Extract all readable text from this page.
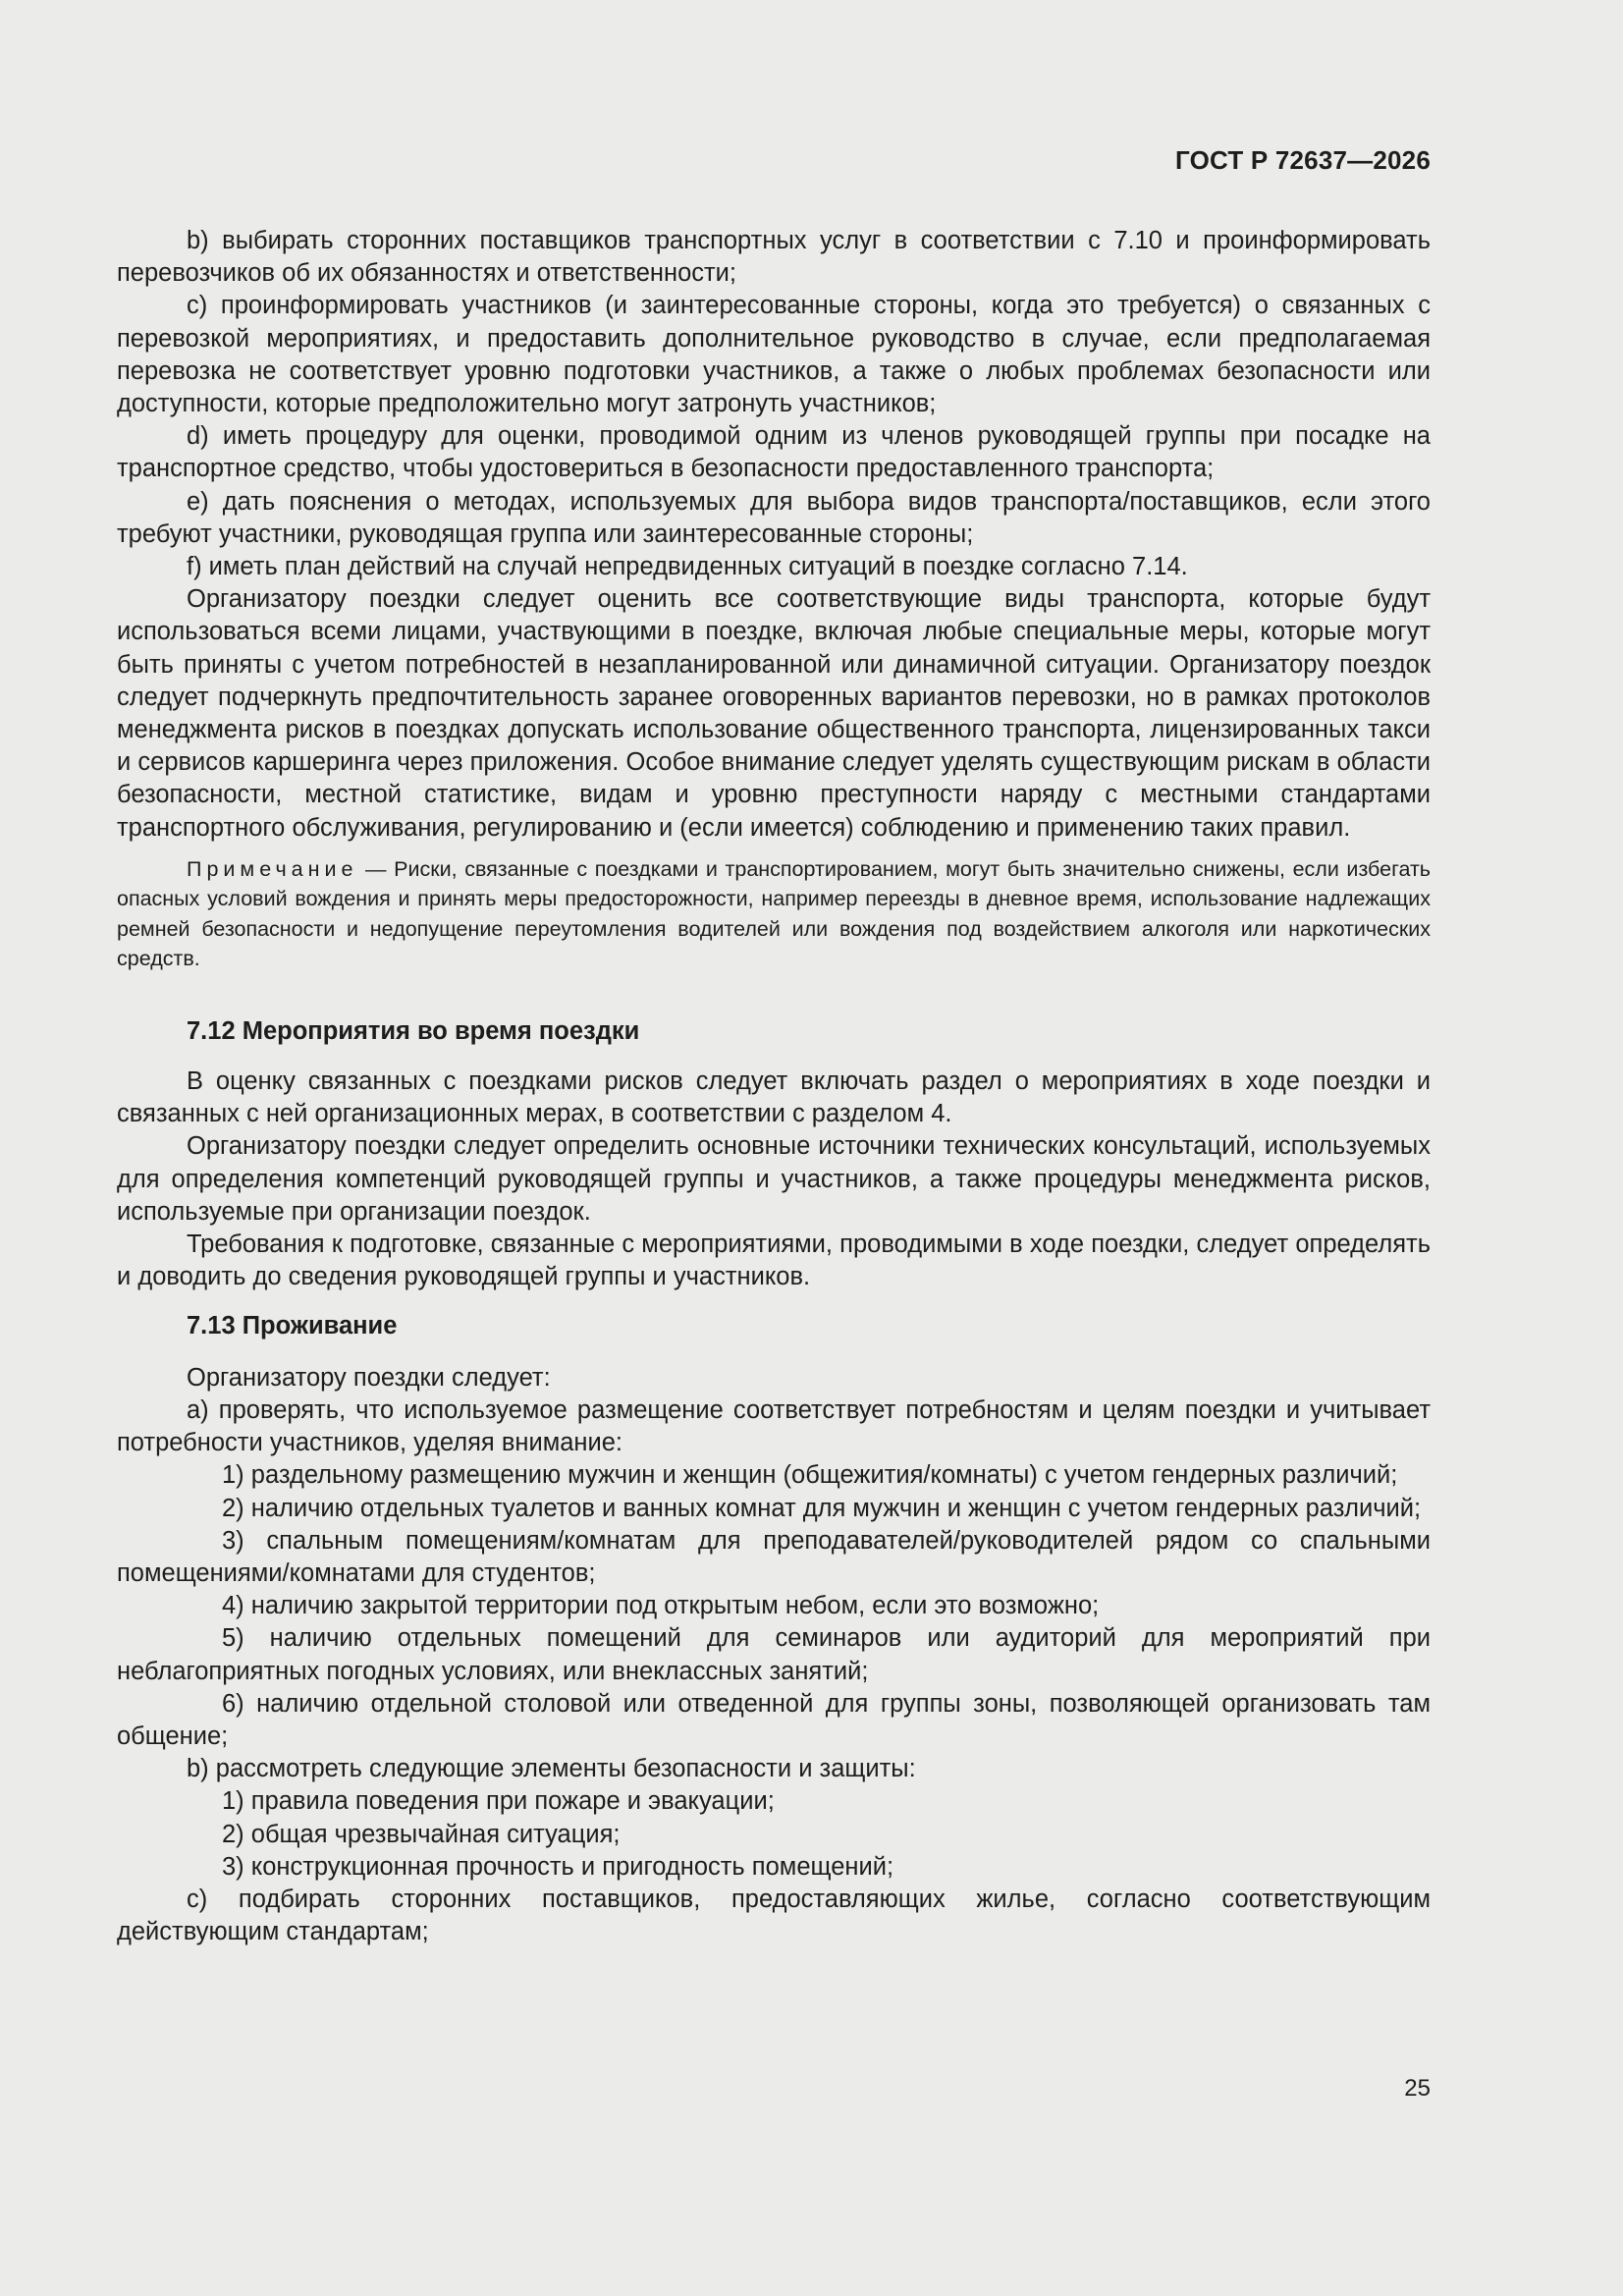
ГОСТ Р 72637—2026

b) выбирать сторонних поставщиков транспортных услуг в соответствии с 7.10 и проинформировать перевозчиков об их обязанностях и ответственности;

c) проинформировать участников (и заинтересованные стороны, когда это требуется) о связанных с перевозкой мероприятиях, и предоставить дополнительное руководство в случае, если предполагаемая перевозка не соответствует уровню подготовки участников, а также о любых проблемах безопасности или доступности, которые предположительно могут затронуть участников;

d) иметь процедуру для оценки, проводимой одним из членов руководящей группы при посадке на транспортное средство, чтобы удостовериться в безопасности предоставленного транспорта;

e) дать пояснения о методах, используемых для выбора видов транспорта/поставщиков, если этого требуют участники, руководящая группа или заинтересованные стороны;

f) иметь план действий на случай непредвиденных ситуаций в поездке согласно 7.14.

Организатору поездки следует оценить все соответствующие виды транспорта, которые будут использоваться всеми лицами, участвующими в поездке, включая любые специальные меры, которые могут быть приняты с учетом потребностей в незапланированной или динамичной ситуации. Организатору поездок следует подчеркнуть предпочтительность заранее оговоренных вариантов перевозки, но в рамках протоколов менеджмента рисков в поездках допускать использование общественного транспорта, лицензированных такси и сервисов каршеринга через приложения. Особое внимание следует уделять существующим рискам в области безопасности, местной статистике, видам и уровню преступности наряду с местными стандартами транспортного обслуживания, регулированию и (если имеется) соблюдению и применению таких правил.

Примечание — Риски, связанные с поездками и транспортированием, могут быть значительно снижены, если избегать опасных условий вождения и принять меры предосторожности, например переезды в дневное время, использование надлежащих ремней безопасности и недопущение переутомления водителей или вождения под воздействием алкоголя или наркотических средств.

7.12 Мероприятия во время поездки

В оценку связанных с поездками рисков следует включать раздел о мероприятиях в ходе поездки и связанных с ней организационных мерах, в соответствии с разделом 4.

Организатору поездки следует определить основные источники технических консультаций, используемых для определения компетенций руководящей группы и участников, а также процедуры менеджмента рисков, используемые при организации поездок.

Требования к подготовке, связанные с мероприятиями, проводимыми в ходе поездки, следует определять и доводить до сведения руководящей группы и участников.

7.13 Проживание

Организатору поездки следует:

a) проверять, что используемое размещение соответствует потребностям и целям поездки и учитывает потребности участников, уделяя внимание:

1) раздельному размещению мужчин и женщин (общежития/комнаты) с учетом гендерных различий;

2) наличию отдельных туалетов и ванных комнат для мужчин и женщин с учетом гендерных различий;

3) спальным помещениям/комнатам для преподавателей/руководителей рядом со спальными помещениями/комнатами для студентов;

4) наличию закрытой территории под открытым небом, если это возможно;

5) наличию отдельных помещений для семинаров или аудиторий для мероприятий при неблагоприятных погодных условиях, или внеклассных занятий;

6) наличию отдельной столовой или отведенной для группы зоны, позволяющей организовать там общение;

b) рассмотреть следующие элементы безопасности и защиты:

1) правила поведения при пожаре и эвакуации;

2) общая чрезвычайная ситуация;

3) конструкционная прочность и пригодность помещений;

c) подбирать сторонних поставщиков, предоставляющих жилье, согласно соответствующим действующим стандартам;

25
